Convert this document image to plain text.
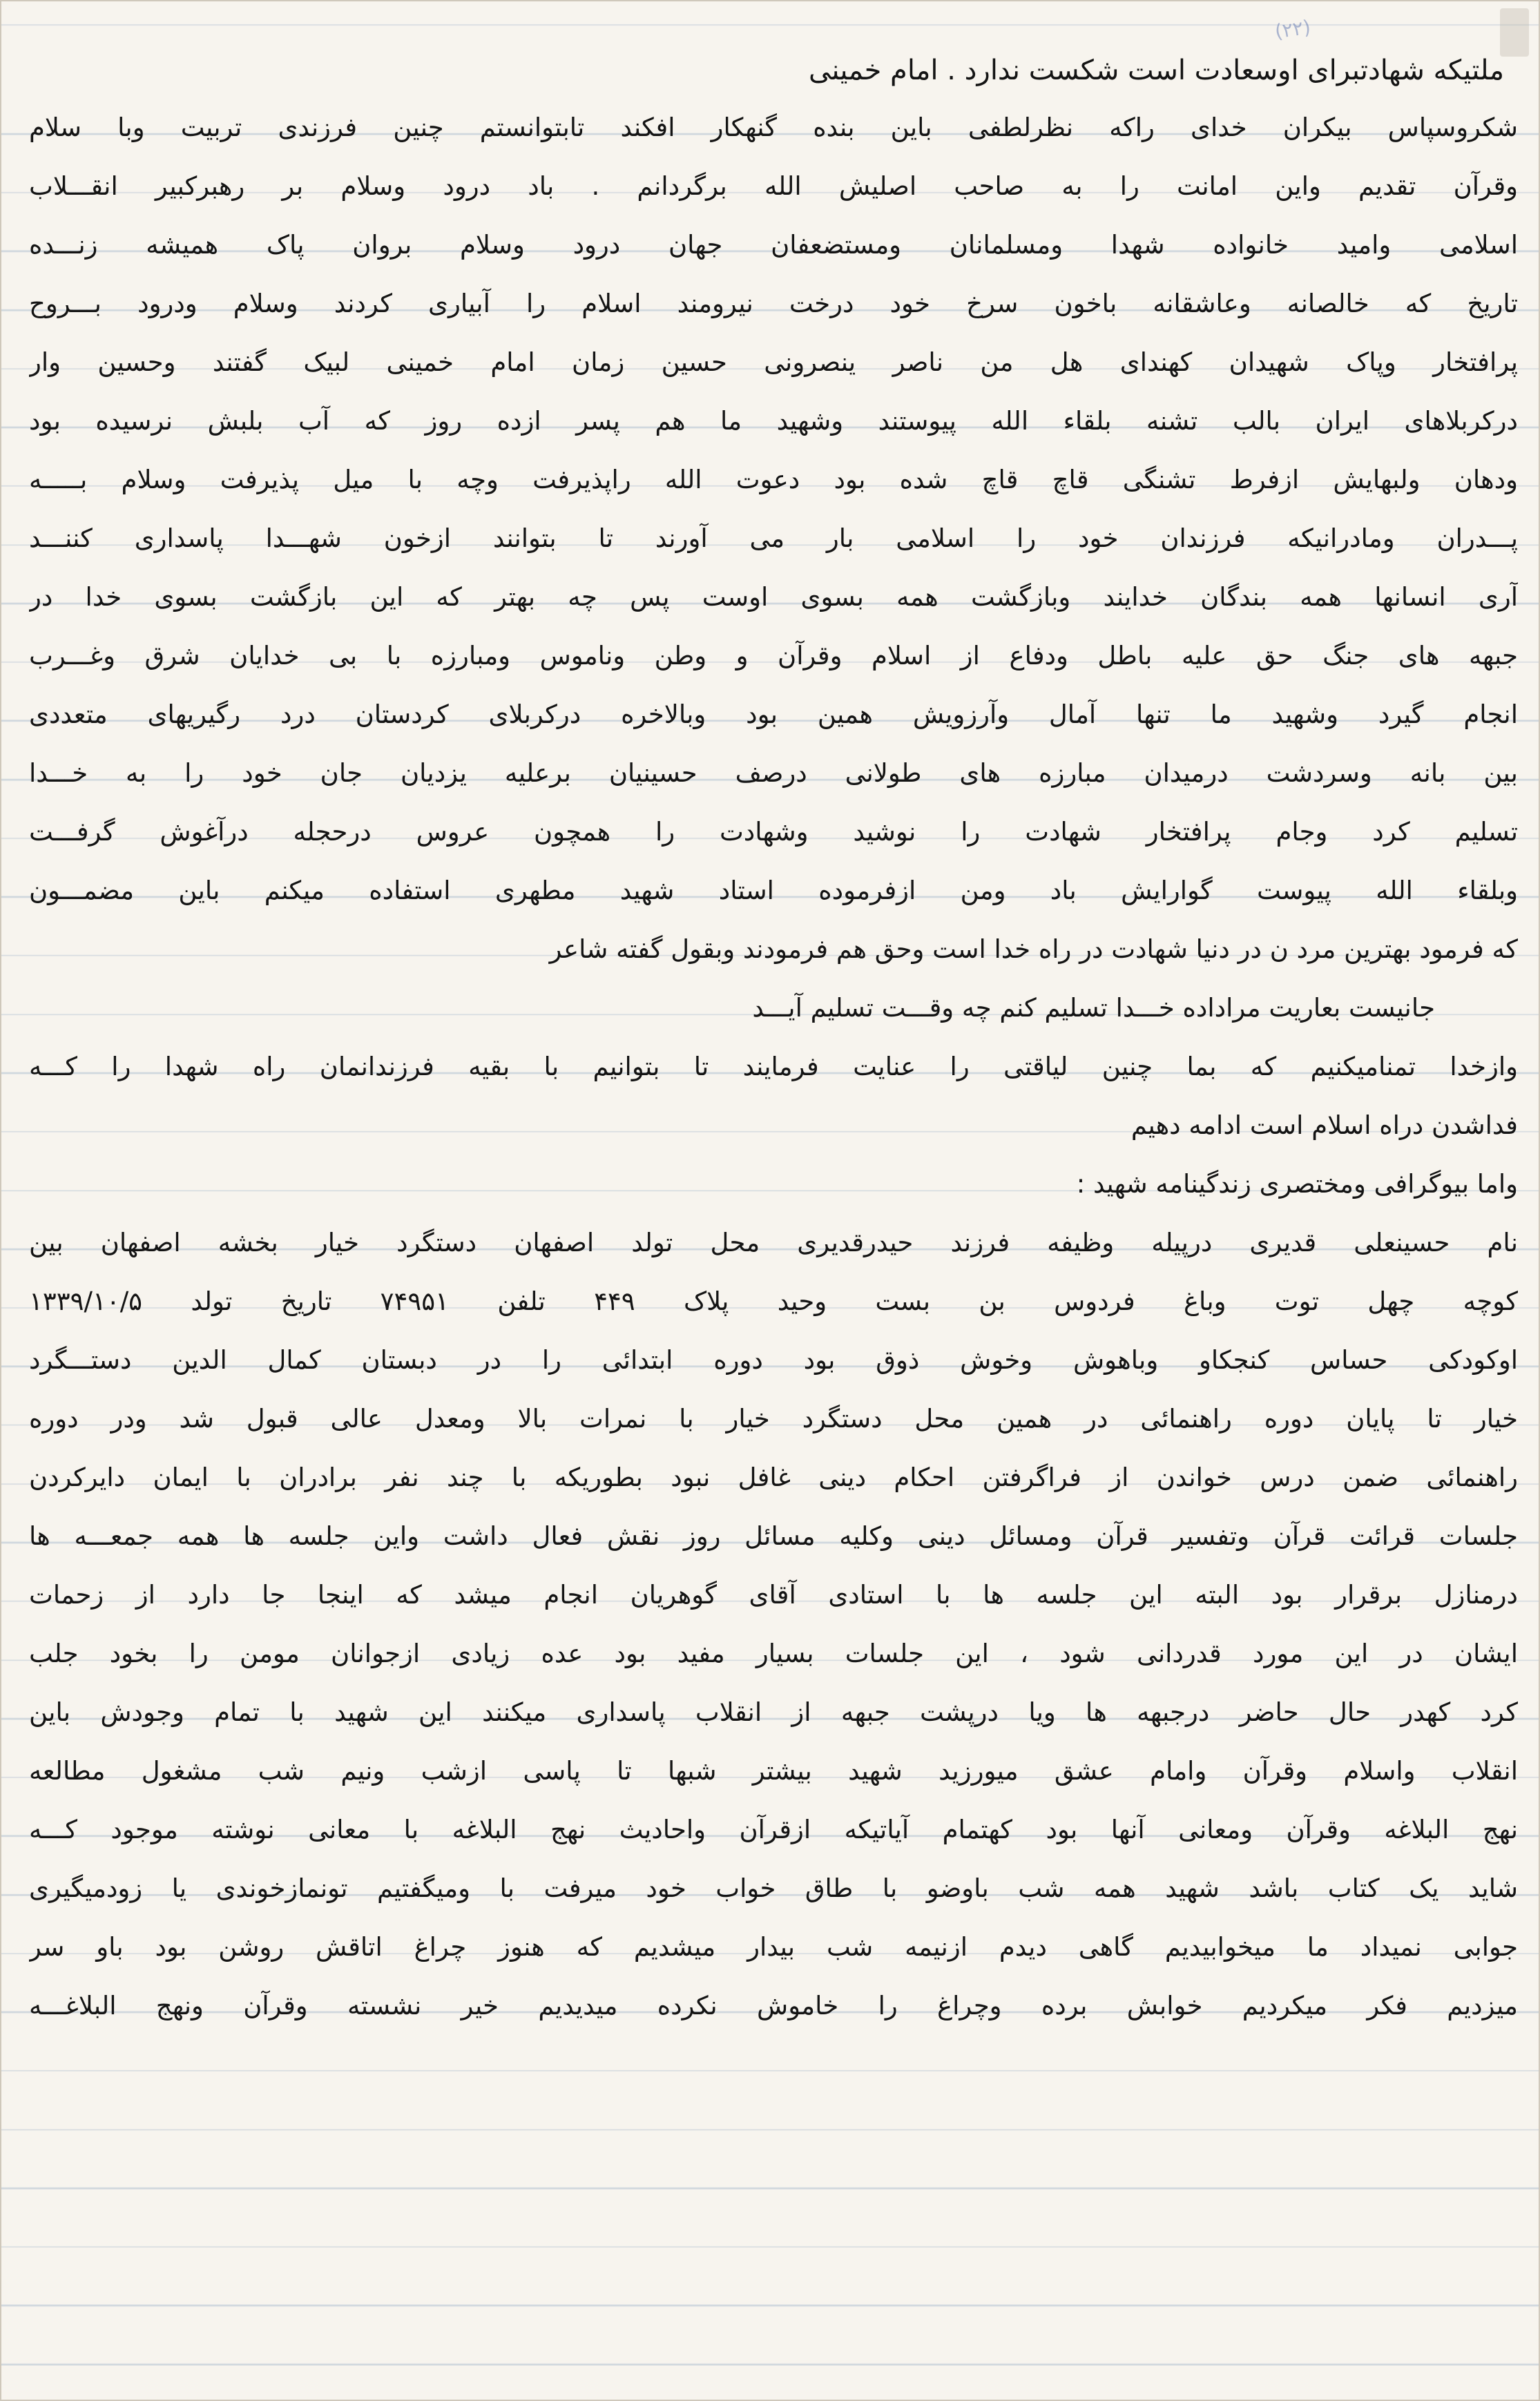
(۲۲)
ملتیکه شهادتبرای اوسعادت است شکست ندارد . امام خمینی
شکروسپاس بیکران خدای راکه نظرلطفی باین بنده گنهکار افکند تابتوانستم چنین فرزندی تربیت وبا سلام
وقرآن تقدیم واین امانت را به صاحب اصلیش الله برگردانم . باد درود وسلام بر رهبرکبیر انقـــلاب
اسلامی وامید خانواده شهدا ومسلمانان ومستضعفان جهان درود وسلام بروان پاک همیشه زنـــده
تاریخ که خالصانه وعاشقانه باخون سرخ خود درخت نیرومند اسلام را آبیاری کردند وسلام ودرود بـــروح
پرافتخار وپاک شهیدان کهندای هل من ناصر ینصرونی حسین زمان امام خمینی لبیک گفتند وحسین وار
درکربلاهای ایران بالب تشنه بلقاء الله پیوستند وشهید ما هم پسر ازده روز که آب بلبش نرسیده بود
ودهان ولبهایش ازفرط تشنگی قاچ قاچ شده بود دعوت الله راپذیرفت وچه با میل پذیرفت وسلام بـــــه
پـــدران ومادرانیکه فرزندان خود را اسلامی بار می آورند تا بتوانند ازخون شهـــدا پاسداری کننـــد
آری انسانها همه بندگان خدایند وبازگشت همه بسوی اوست پس چه بهتر که این بازگشت بسوی خدا در
جبهه های جنگ حق علیه باطل ودفاع از اسلام وقرآن و وطن وناموس ومبارزه با بی خدایان شرق وغـــرب
انجام گیرد وشهید ما تنها آمال وآرزویش همین بود وبالاخره درکربلای کردستان درد رگیریهای متعددی
بین بانه وسردشت درمیدان مبارزه های طولانی درصف حسینیان برعلیه یزدیان جان خود را به خـــدا
تسلیم کرد وجام پرافتخار شهادت را نوشید وشهادت را همچون عروس درحجله درآغوش گرفـــت
وبلقاء الله پیوست گوارایش باد ومن ازفرموده استاد شهید مطهری استفاده میکنم باین مضمـــون
که فرمود بهترین مرد ن در دنیا شهادت در راه خدا است وحق هم فرمودند وبقول گفته شاعر
جانیست بعاریت مراداده خـــدا تسلیم کنم چه وقـــت تسلیم آیـــد
وازخدا تمنامیکنیم که بما چنین لیاقتی را عنایت فرمایند تا بتوانیم با بقیه فرزندانمان راه شهدا را کـــه
فداشدن دراه اسلام است ادامه دهیم
واما بیوگرافی ومختصری زندگینامه شهید :
نام حسینعلی قدیری درپیله وظیفه فرزند حیدرقدیری محل تولد اصفهان دستگرد خیار بخشه اصفهان بین
کوچه چهل توت وباغ فردوس بن بست وحید پلاک ۴۴۹ تلفن ۷۴۹۵۱ تاریخ تولد ۱۳۳۹/۱۰/۵
اوکودکی حساس کنجکاو وباهوش وخوش ذوق بود دوره ابتدائی را در دبستان کمال الدین دستـــگرد
خیار تا پایان دوره راهنمائی در همین محل دستگرد خیار با نمرات بالا ومعدل عالی قبول شد ودر دوره
راهنمائی ضمن درس خواندن از فراگرفتن احکام دینی غافل نبود بطوریکه با چند نفر برادران با ایمان دایرکردن
جلسات قرائت قرآن وتفسیر قرآن ومسائل دینی وکلیه مسائل روز نقش فعال داشت واین جلسه ها همه جمعـــه ها
درمنازل برقرار بود البته این جلسه ها با استادی آقای گوهریان انجام میشد که اینجا جا دارد از زحمات
ایشان در این مورد قدردانی شود ، این جلسات بسیار مفید بود عده زیادی ازجوانان مومن را بخود جلب
کرد کهدر حال حاضر درجبهه ها ویا درپشت جبهه از انقلاب پاسداری میکنند این شهید با تمام وجودش باین
انقلاب واسلام وقرآن وامام عشق میورزید شهید بیشتر شبها تا پاسی ازشب ونیم شب مشغول مطالعه
نهج البلاغه وقرآن ومعانی آنها بود کهتمام آیاتیکه ازقرآن واحادیث نهج البلاغه با معانی نوشته موجود کـــه
شاید یک کتاب باشد شهید همه شب باوضو با طاق خواب خود میرفت با ومیگفتیم تونمازخوندی یا زودمیگیری
جوابی نمیداد ما میخوابیدیم گاهی دیدم ازنیمه شب بیدار میشدیم که هنوز چراغ اتاقش روشن بود باو سر
میزدیم فکر میکردیم خوابش برده وچراغ را خاموش نکرده میدیدیم خیر نشسته وقرآن ونهج البلاغـــه
